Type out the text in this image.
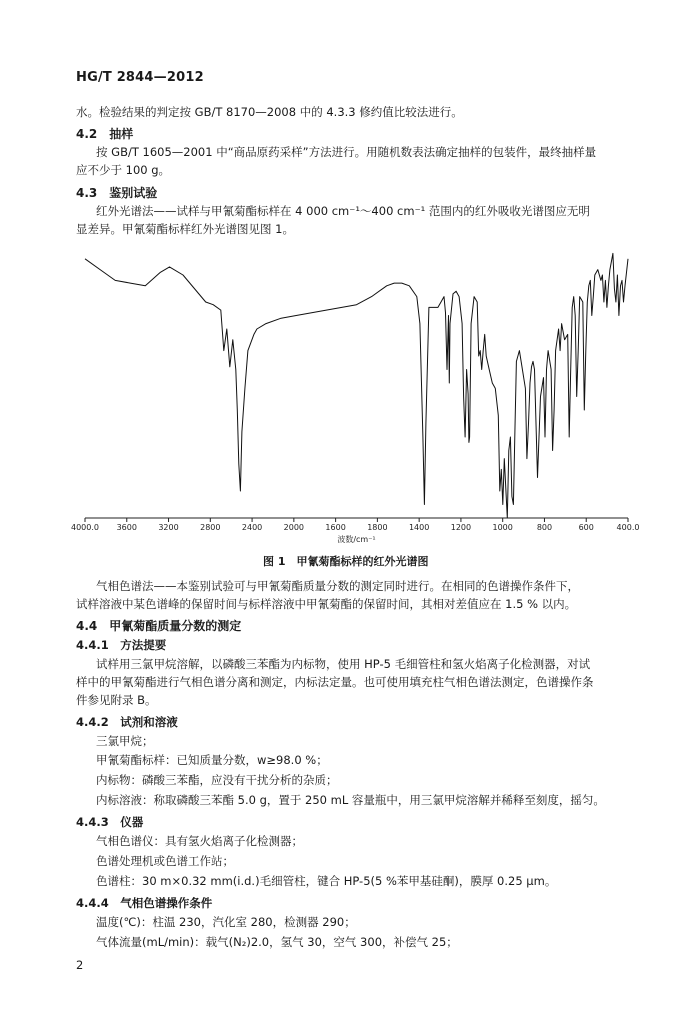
HG/T 2844—2012
水。检验结果的判定按 GB/T 8170—2008 中的 4.3.3 修约值比较法进行。
4.2　抽样
按 GB/T 1605—2001 中“商品原药采样”方法进行。用随机数表法确定抽样的包装件，最终抽样量
应不少于 100 g。
4.3　鉴别试验
红外光谱法——试样与甲氰菊酯标样在 4 000 cm⁻¹～400 cm⁻¹ 范围内的红外吸收光谱图应无明
显差异。甲氰菊酯标样红外光谱图见图 1。
图 1　甲氰菊酯标样的红外光谱图
气相色谱法——本鉴别试验可与甲氰菊酯质量分数的测定同时进行。在相同的色谱操作条件下，
试样溶液中某色谱峰的保留时间与标样溶液中甲氰菊酯的保留时间，其相对差值应在 1.5 % 以内。
4.4　甲氰菊酯质量分数的测定
4.4.1　方法提要
试样用三氯甲烷溶解，以磷酸三苯酯为内标物，使用 HP-5 毛细管柱和氢火焰离子化检测器，对试
样中的甲氰菊酯进行气相色谱分离和测定，内标法定量。也可使用填充柱气相色谱法测定，色谱操作条
件参见附录 B。
4.4.2　试剂和溶液
三氯甲烷；
甲氰菊酯标样：已知质量分数，w≥98.0 %；
内标物：磷酸三苯酯，应没有干扰分析的杂质；
内标溶液：称取磷酸三苯酯 5.0 g，置于 250 mL 容量瓶中，用三氯甲烷溶解并稀释至刻度，摇匀。
4.4.3　仪器
气相色谱仪：具有氢火焰离子化检测器；
色谱处理机或色谱工作站；
色谱柱：30 m×0.32 mm(i.d.)毛细管柱，键合 HP-5(5 %苯甲基硅酮)，膜厚 0.25 μm。
4.4.4　气相色谱操作条件
温度(℃)：柱温 230，汽化室 280，检测器 290；
气体流量(mL/min)：载气(N₂)2.0，氢气 30，空气 300，补偿气 25；
4000.0 3600	3200	2800	2400	2000	1600	1800	1400	1200	1000	800	600	400.0
波数/cm⁻¹
2
